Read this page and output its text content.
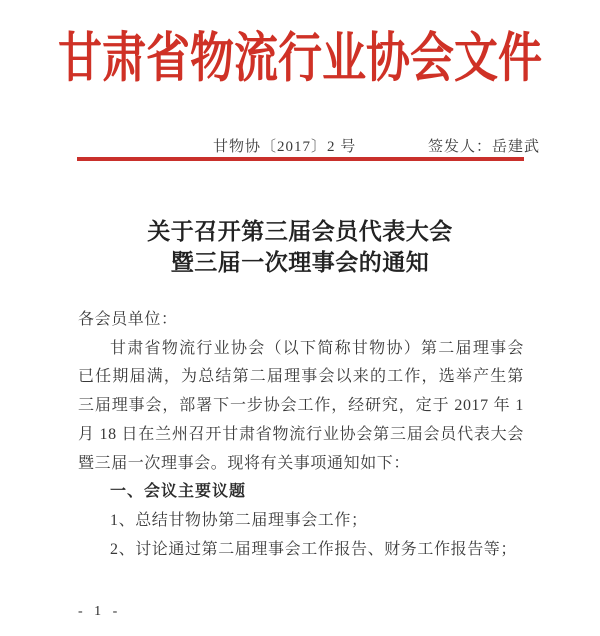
甘肃省物流行业协会文件
甘物协〔2017〕2 号	签发人：岳建武
关于召开第三届会员代表大会
暨三届一次理事会的通知
各会员单位：
甘肃省物流行业协会（以下简称甘物协）第二届理事会已任期届满，为总结第二届理事会以来的工作，选举产生第三届理事会，部署下一步协会工作，经研究，定于 2017 年 1 月 18 日在兰州召开甘肃省物流行业协会第三届会员代表大会暨三届一次理事会。现将有关事项通知如下：
一、会议主要议题
1、总结甘物协第二届理事会工作；
2、讨论通过第二届理事会工作报告、财务工作报告等；
- 1 -
